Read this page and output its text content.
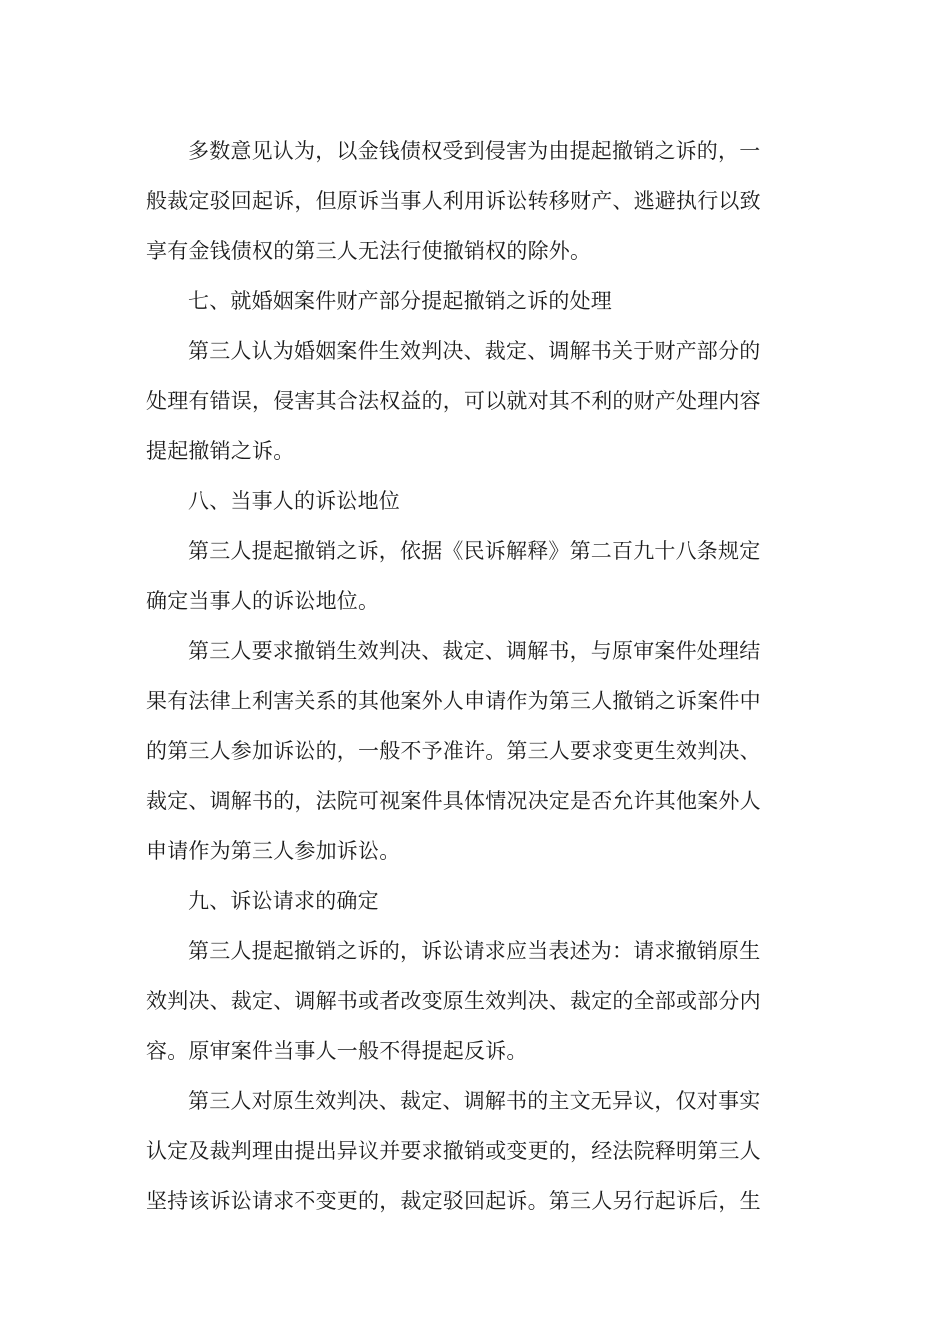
多数意见认为，以金钱债权受到侵害为由提起撤销之诉的，一
般裁定驳回起诉，但原诉当事人利用诉讼转移财产、逃避执行以致
享有金钱债权的第三人无法行使撤销权的除外。

七、就婚姻案件财产部分提起撤销之诉的处理

第三人认为婚姻案件生效判决、裁定、调解书关于财产部分的
处理有错误，侵害其合法权益的，可以就对其不利的财产处理内容
提起撤销之诉。

八、当事人的诉讼地位

第三人提起撤销之诉，依据《民诉解释》第二百九十八条规定
确定当事人的诉讼地位。

第三人要求撤销生效判决、裁定、调解书，与原审案件处理结
果有法律上利害关系的其他案外人申请作为第三人撤销之诉案件中
的第三人参加诉讼的，一般不予准许。第三人要求变更生效判决、
裁定、调解书的，法院可视案件具体情况决定是否允许其他案外人
申请作为第三人参加诉讼。

九、诉讼请求的确定

第三人提起撤销之诉的，诉讼请求应当表述为：请求撤销原生
效判决、裁定、调解书或者改变原生效判决、裁定的全部或部分内
容。原审案件当事人一般不得提起反诉。

第三人对原生效判决、裁定、调解书的主文无异议，仅对事实
认定及裁判理由提出异议并要求撤销或变更的，经法院释明第三人
坚持该诉讼请求不变更的，裁定驳回起诉。第三人另行起诉后，生
